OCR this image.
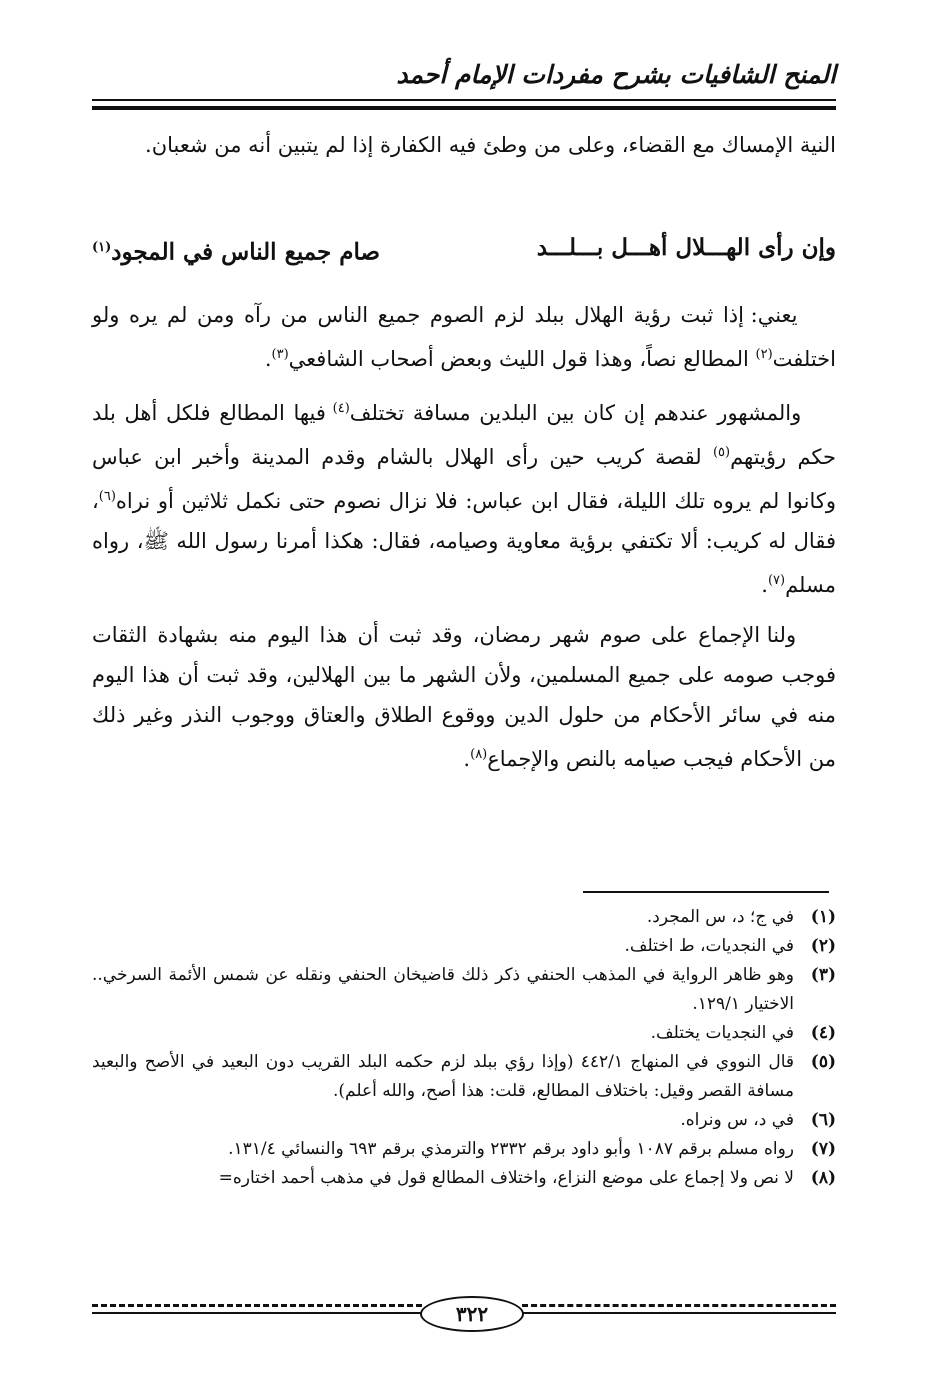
المنح الشافيات بشرح مفردات الإمام أحمد

النية الإمساك مع القضاء، وعلى من وطئ فيه الكفارة إذا لم يتبين أنه من شعبان.

وإن رأى الهـــلال أهـــل بـــلـــد
صام جميع الناس في المجود$^{(١)}$

يعني: إذا ثبت رؤية الهلال ببلد لزم الصوم جميع الناس من رآه ومن لم يره ولو اختلفت$^{(٢)}$ المطالع نصاً، وهذا قول الليث وبعض أصحاب الشافعي$^{(٣)}$.

والمشهور عندهم إن كان بين البلدين مسافة تختلف$^{(٤)}$ فيها المطالع فلكل أهل بلد حكم رؤيتهم$^{(٥)}$ لقصة كريب حين رأى الهلال بالشام وقدم المدينة وأخبر ابن عباس وكانوا لم يروه تلك الليلة، فقال ابن عباس: فلا نزال نصوم حتى نكمل ثلاثين أو نراه$^{(٦)}$، فقال له كريب: ألا تكتفي برؤية معاوية وصيامه، فقال: هكذا أمرنا رسول الله ﷺ، رواه مسلم$^{(٧)}$.

ولنا الإجماع على صوم شهر رمضان، وقد ثبت أن هذا اليوم منه بشهادة الثقات فوجب صومه على جميع المسلمين، ولأن الشهر ما بين الهلالين، وقد ثبت أن هذا اليوم منه في سائر الأحكام من حلول الدين ووقوع الطلاق والعتاق ووجوب النذر وغير ذلك من الأحكام فيجب صيامه بالنص والإجماع$^{(٨)}$.

(١)
في ج؛ د، س المجرد.
(٢)
في النجديات، ط اختلف.
(٣)
وهو ظاهر الرواية في المذهب الحنفي ذكر ذلك قاضيخان الحنفي ونقله عن شمس الأئمة السرخي.. الاختيار ١٢٩/١.
(٤)
في النجديات يختلف.
(٥)
قال النووي في المنهاج ٤٤٢/١ (وإذا رؤي ببلد لزم حكمه البلد القريب دون البعيد في الأصح والبعيد مسافة القصر وقيل: باختلاف المطالع، قلت: هذا أصح، والله أعلم).
(٦)
في د، س ونراه.
(٧)
رواه مسلم برقم ١٠٨٧ وأبو داود برقم ٢٣٣٢ والترمذي برقم ٦٩٣ والنسائي ١٣١/٤.
(٨)
لا نص ولا إجماع على موضع النزاع، واختلاف المطالع قول في مذهب أحمد اختاره=
٣٢٢
